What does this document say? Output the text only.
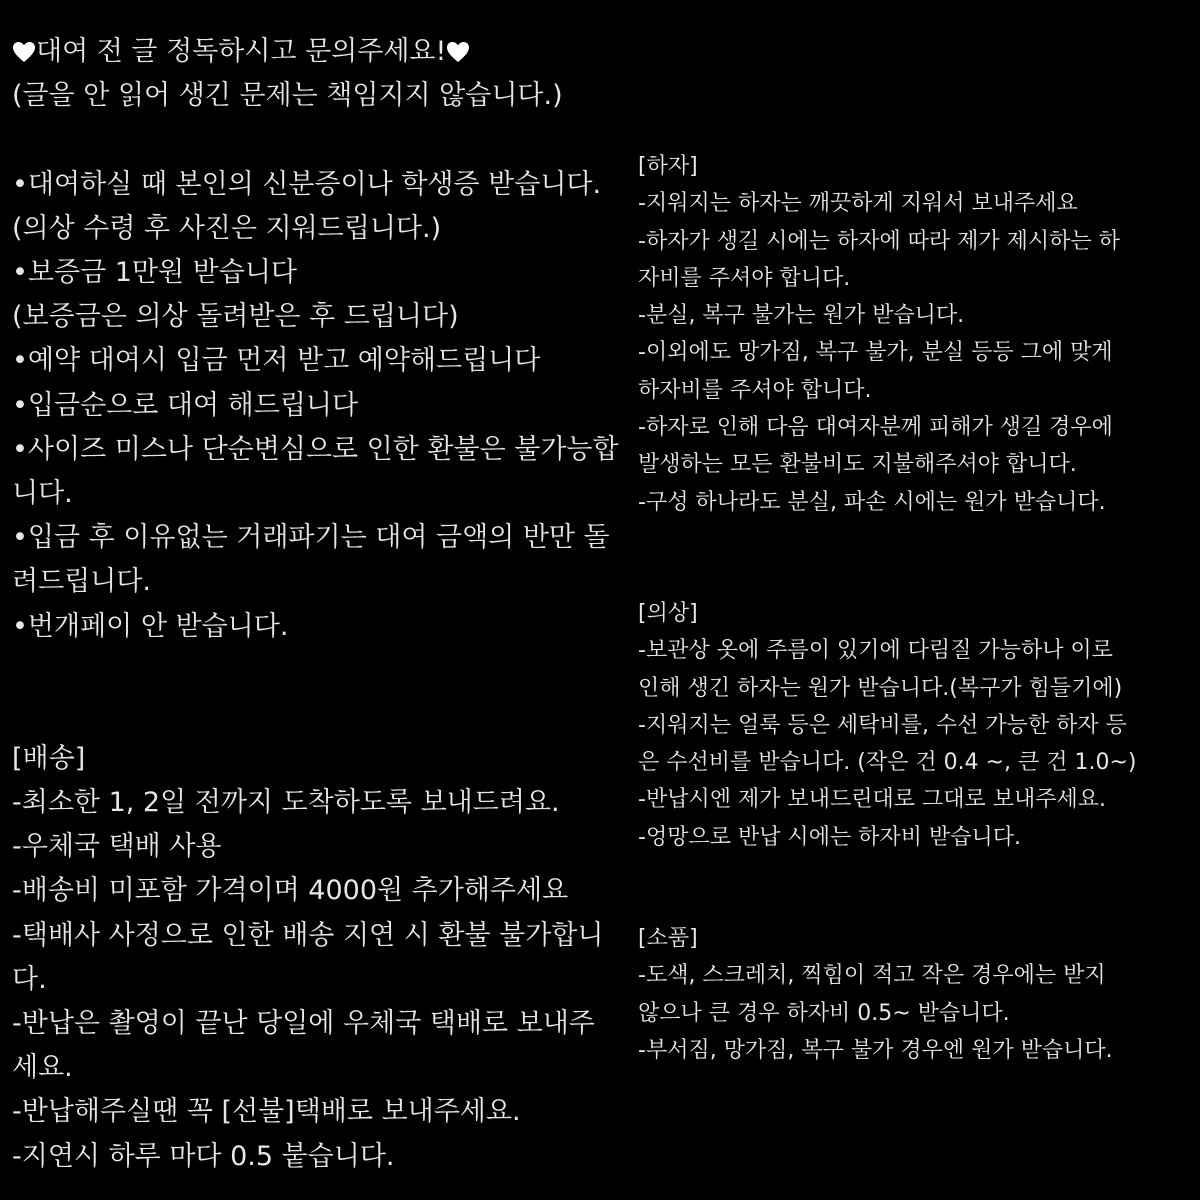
대여 전 글 정독하시고 문의주세요!
(글을 안 읽어 생긴 문제는 책임지지 않습니다.)
•대여하실 때 본인의 신분증이나 학생증 받습니다.
(의상 수령 후 사진은 지워드립니다.)
•보증금 1만원 받습니다
(보증금은 의상 돌려받은 후 드립니다)
•예약 대여시 입금 먼저 받고 예약해드립니다
•입금순으로 대여 해드립니다
•사이즈 미스나 단순변심으로 인한 환불은 불가능합
니다.
•입금 후 이유없는 거래파기는 대여 금액의 반만 돌
려드립니다.
•번개페이 안 받습니다.
[배송]
-최소한 1, 2일 전까지 도착하도록 보내드려요.
-우체국 택배 사용
-배송비 미포함 가격이며 4000원 추가해주세요
-택배사 사정으로 인한 배송 지연 시 환불 불가합니
다.
-반납은 촬영이 끝난 당일에 우체국 택배로 보내주
세요.
-반납해주실땐 꼭 [선불]택배로 보내주세요.
-지연시 하루 마다 0.5 붙습니다.
[하자]
-지워지는 하자는 깨끗하게 지워서 보내주세요
-하자가 생길 시에는 하자에 따라 제가 제시하는 하
자비를 주셔야 합니다.
-분실, 복구 불가는 원가 받습니다.
-이외에도 망가짐, 복구 불가, 분실 등등 그에 맞게
하자비를 주셔야 합니다.
-하자로 인해 다음 대여자분께 피해가 생길 경우에
발생하는 모든 환불비도 지불해주셔야 합니다.
-구성 하나라도 분실, 파손 시에는 원가 받습니다.
[의상]
-보관상 옷에 주름이 있기에 다림질 가능하나 이로
인해 생긴 하자는 원가 받습니다.(복구가 힘들기에)
-지워지는 얼룩 등은 세탁비를, 수선 가능한 하자 등
은 수선비를 받습니다. (작은 건 0.4 ~, 큰 건 1.0~)
-반납시엔 제가 보내드린대로 그대로 보내주세요.
-엉망으로 반납 시에는 하자비 받습니다.
[소품]
-도색, 스크레치, 찍힘이 적고 작은 경우에는 받지
않으나 큰 경우 하자비 0.5~ 받습니다.
-부서짐, 망가짐, 복구 불가 경우엔 원가 받습니다.
